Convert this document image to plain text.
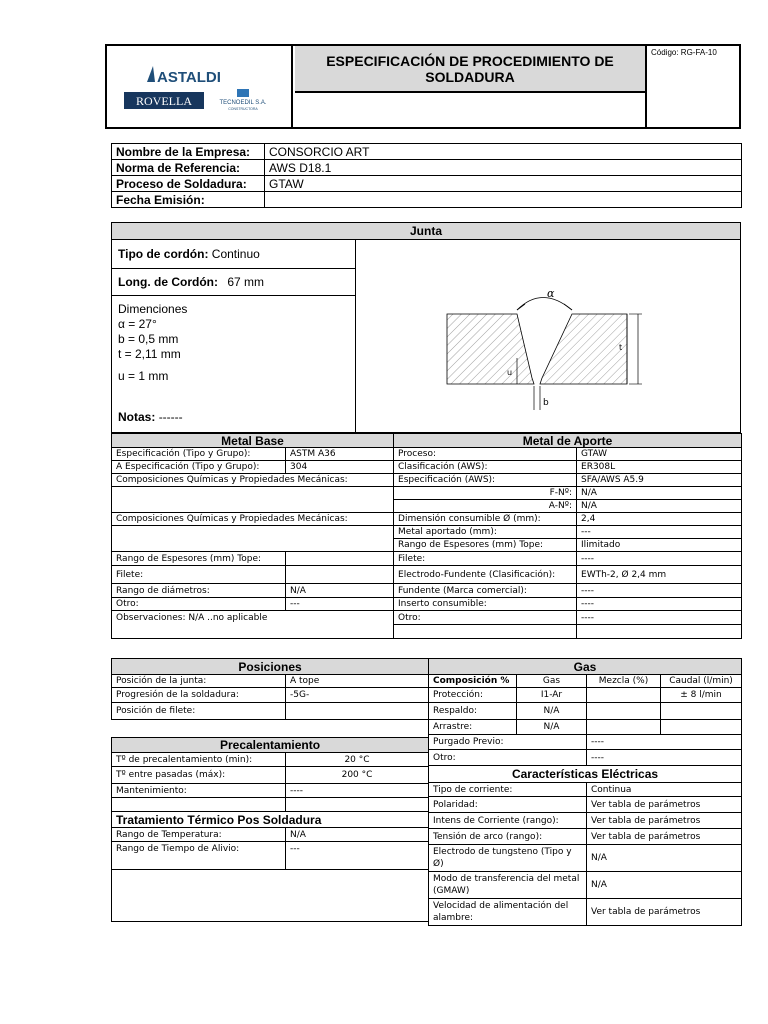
ASTALDI
ROVELLA	TECNOEDIL S.A.
CONSTRUCTORA
ESPECIFICACIÓN DE PROCEDIMIENTO DE
SOLDADURA
Código: RG-FA-10
Nombre de la Empresa:	CONSORCIO ART
Norma de Referencia:	AWS D18.1
Proceso de Soldadura:	GTAW
Fecha Emisión:	
Junta
Tipo de cordón: Continuo
Long. de Cordón: 67 mm
Dimenciones
α = 27°
b = 0,5 mm
t = 2,11 mm
u = 1 mm
Notas: ------
α
b
u
t
Metal Base		Metal de Aporte	
Especificación (Tipo y Grupo):	ASTM A36	Proceso:	GTAW
A Especificación (Tipo y Grupo):	304	Clasificación (AWS):	ER308L
Composiciones Químicas y Propiedades Mecánicas:		Especificación (AWS):	SFA/AWS A5.9
		F-Nº:	N/A
		A-Nº:	N/A
Composiciones Químicas y Propiedades Mecánicas:		Dimensión consumible Ø (mm):	2,4
		Metal aportado (mm):	---
		Rango de Espesores (mm) Tope:	Ilimitado
Rango de Espesores (mm) Tope:		Filete:	----
Filete:		Electrodo-Fundente (Clasificación):	EWTh-2, Ø 2,4 mm
Rango de diámetros:	N/A	Fundente (Marca comercial):	----
Otro:	---	Inserto consumible:	----
Observaciones: N/A ..no aplicable		Otro:	----

Posiciones	
Posición de la junta:	A tope
Progresión de la soldadura:	-5G-
Posición de filete:	
Precalentamiento	
Tº de precalentamiento (min):	20 °C
Tº entre pasadas (máx):	200 °C
Mantenimiento:	----

Tratamiento Térmico Pos Soldadura	
Rango de Temperatura:	N/A
Rango de Tiempo de Alivio:	---

Gas			
Composición %	Gas	Mezcla (%)	Caudal (l/min)
Protección:	I1-Ar		± 8 l/min
Respaldo:	N/A		
Arrastre:	N/A		
Purgado Previo:		----	
Otro:		----	
Características Eléctricas	
Tipo de corriente:	Continua
Polaridad:	Ver tabla de parámetros
Intens de Corriente (rango):	Ver tabla de parámetros
Tensión de arco (rango):	Ver tabla de parámetros
Electrodo de tungsteno (Tipo y Ø)	N/A
Modo de transferencia del metal (GMAW)	N/A
Velocidad de alimentación del alambre:	Ver tabla de parámetros
